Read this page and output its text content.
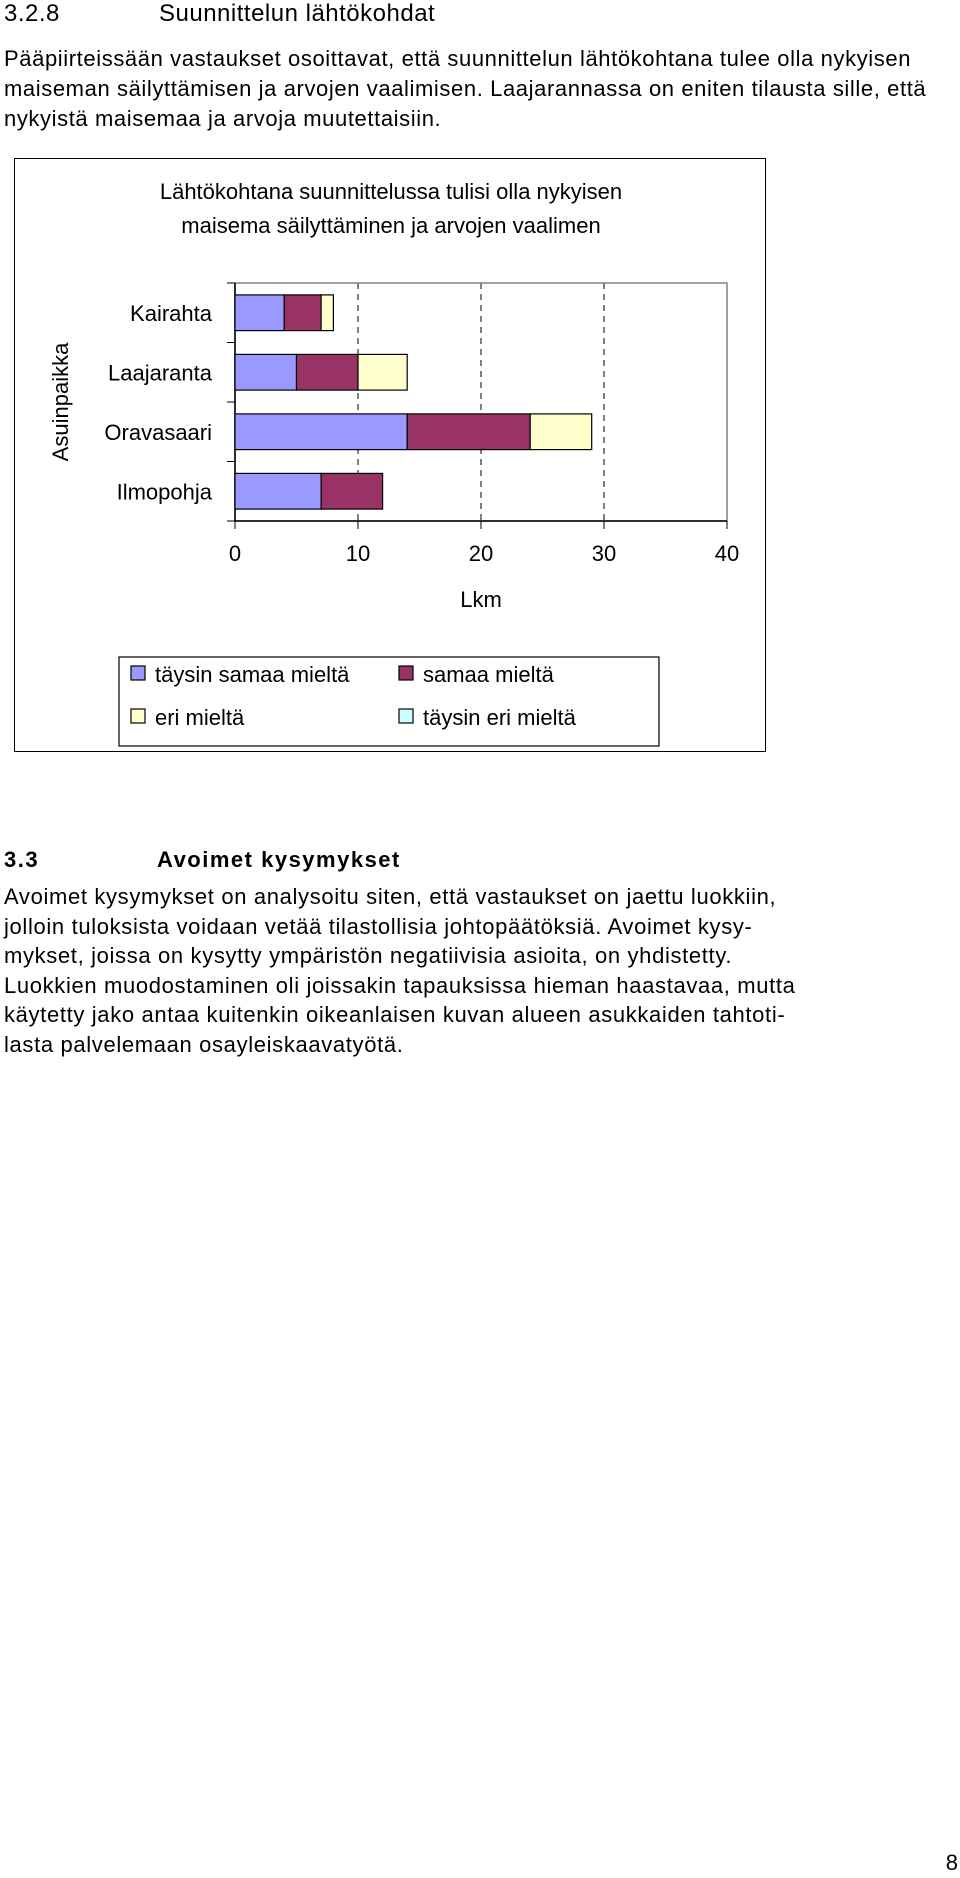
3.2.8	Suunnittelun lähtökohdat

Pääpiirteissään vastaukset osoittavat, että suunnittelun lähtökohtana tulee olla nykyisen maiseman säilyttämisen ja arvojen vaalimisen. Laajarannassa on eniten tilausta sille, että nykyistä maisemaa ja arvoja muutettaisiin.

Lähtökohtana suunnittelussa tulisi olla nykyisen
maisema säilyttäminen ja arvojen vaalimen
0	10	20	30	40
Lkm
Asuinpaikka
Kairahta
Laajaranta
Oravasaari
Ilmopohja
täysin samaa mieltä	samaa mieltä
eri mieltä	täysin eri mieltä
3.3	Avoimet kysymykset

Avoimet kysymykset on analysoitu siten, että vastaukset on jaettu luokkiin,
jolloin tuloksista voidaan vetää tilastollisia johtopäätöksiä. Avoimet kysy-
mykset, joissa on kysytty ympäristön negatiivisia asioita, on yhdistetty.
Luokkien muodostaminen oli joissakin tapauksissa hieman haastavaa, mutta
käytetty jako antaa kuitenkin oikeanlaisen kuvan alueen asukkaiden tahtoti-
lasta palvelemaan osayleiskaavatyötä.

8
